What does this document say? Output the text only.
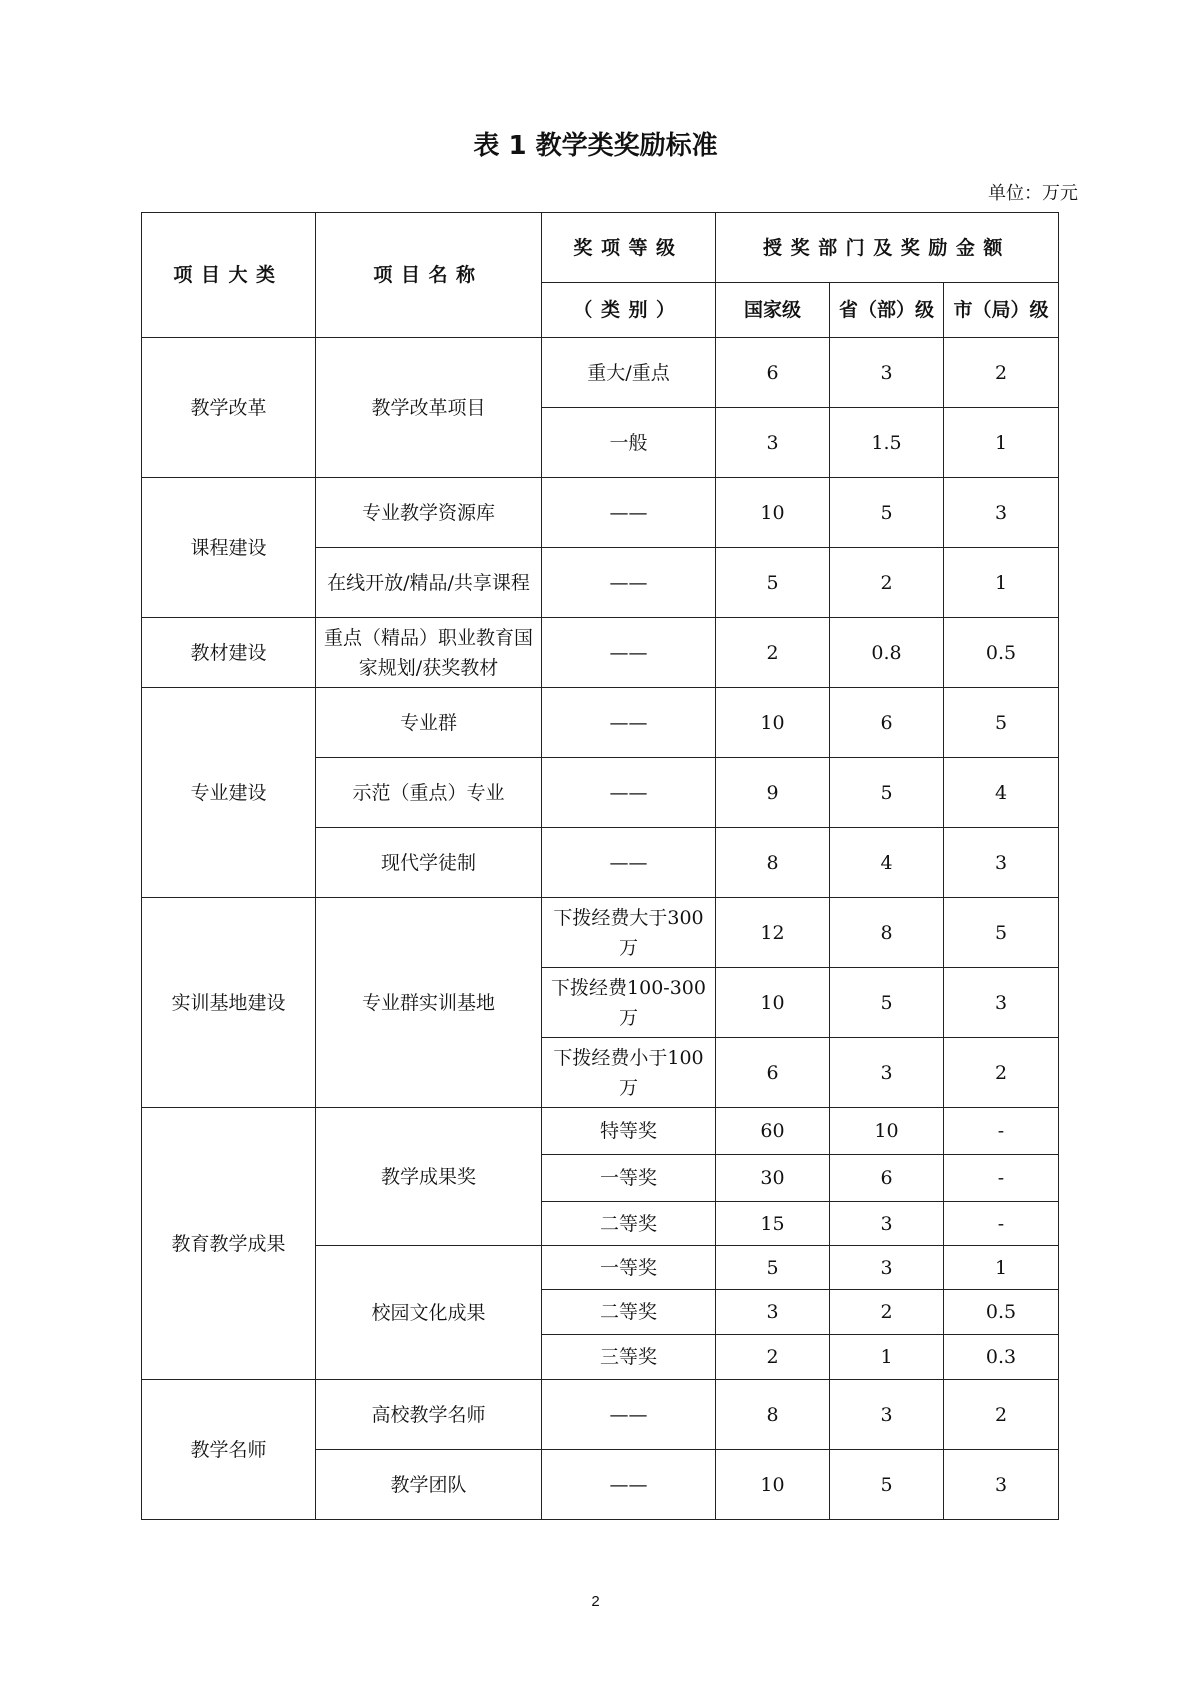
表 1 教学类奖励标准
单位：万元
项目大类	项目名称	奖项等级	授奖部门及奖励金额		
		（类别）	国家级	省（部）级	市（局）级
教学改革	教学改革项目	重大/重点	6	3	2
		一般	3	1.5	1
课程建设	专业教学资源库	——	10	5	3
	在线开放/精品/共享课程	——	5	2	1
教材建设	重点（精品）职业教育国家规划/获奖教材	——	2	0.8	0.5
专业建设	专业群	——	10	6	5
	示范（重点）专业	——	9	5	4
	现代学徒制	——	8	4	3
实训基地建设	专业群实训基地	下拨经费大于300 万	12	8	5
		下拨经费100-300 万	10	5	3
		下拨经费小于100 万	6	3	2
教育教学成果	教学成果奖	特等奖	60	10	-
		一等奖	30	6	-
		二等奖	15	3	-
	校园文化成果	一等奖	5	3	1
		二等奖	3	2	0.5
		三等奖	2	1	0.3
教学名师	高校教学名师	——	8	3	2
	教学团队	——	10	5	3
2
